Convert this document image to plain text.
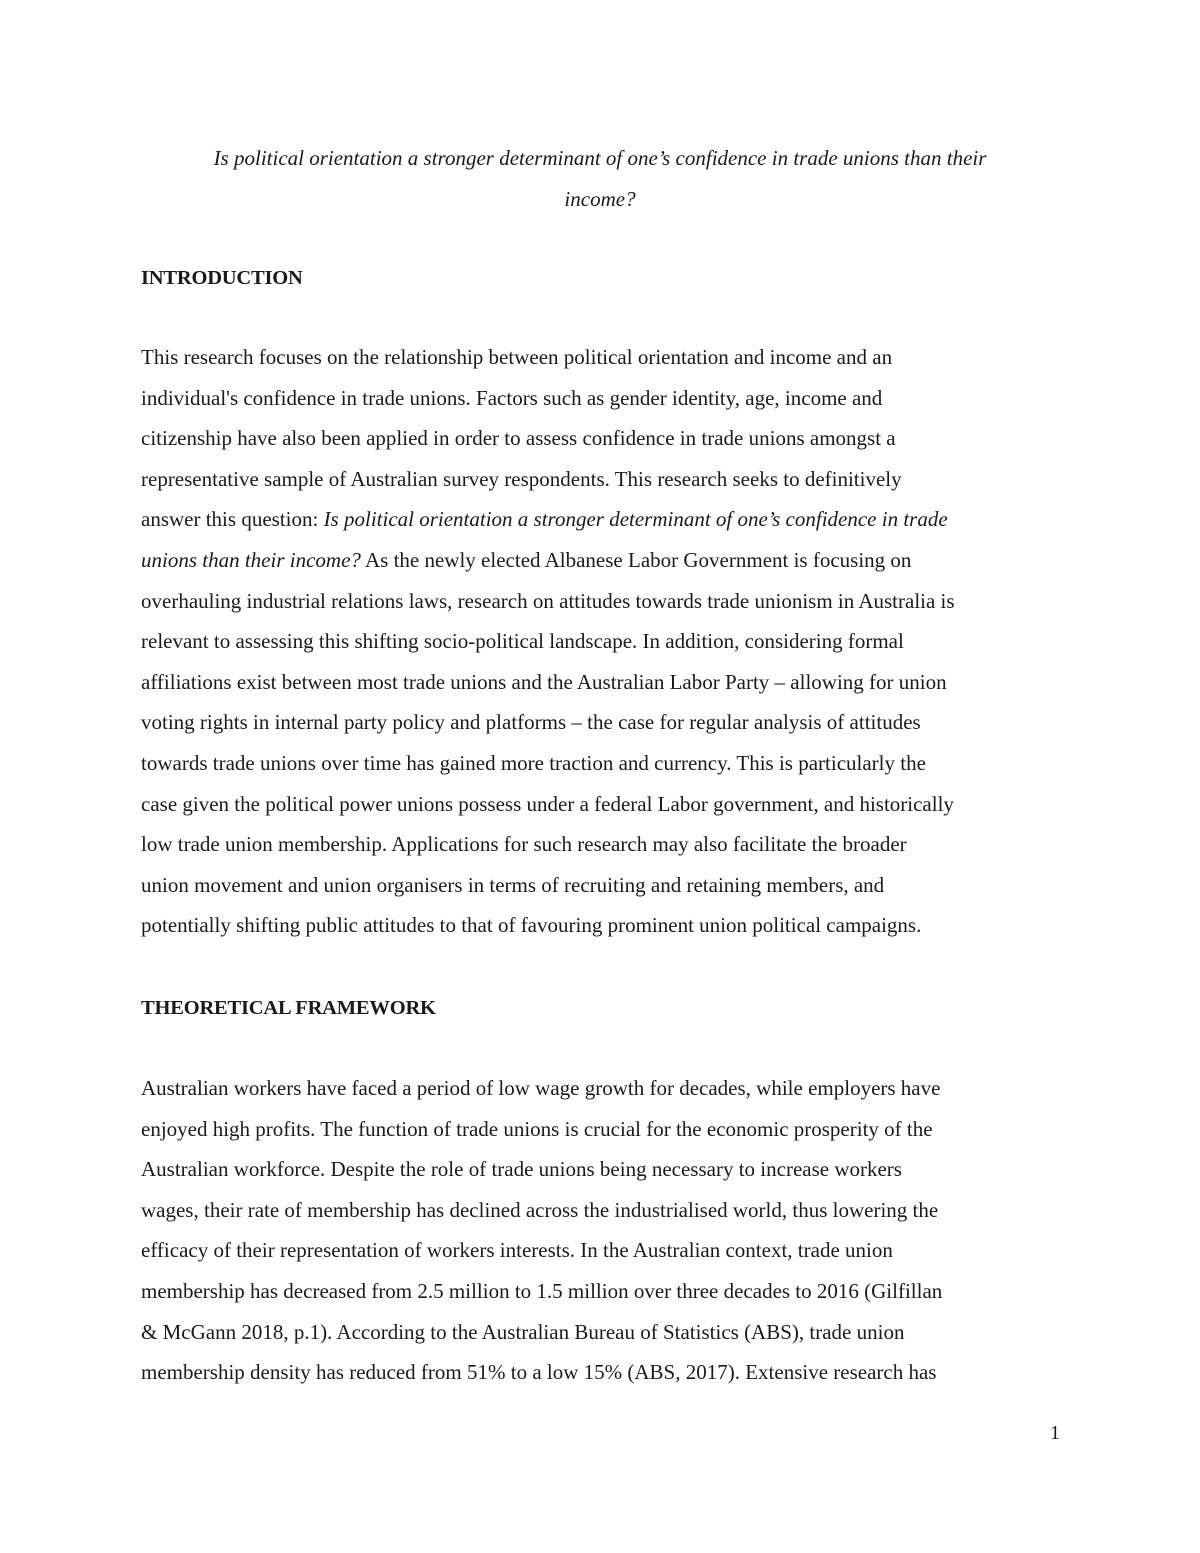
Is political orientation a stronger determinant of one’s confidence in trade unions than their
income?
INTRODUCTION

This research focuses on the relationship between political orientation and income and an
individual's confidence in trade unions. Factors such as gender identity, age, income and
citizenship have also been applied in order to assess confidence in trade unions amongst a
representative sample of Australian survey respondents. This research seeks to definitively
answer this question: Is political orientation a stronger determinant of one’s confidence in trade
unions than their income? As the newly elected Albanese Labor Government is focusing on
overhauling industrial relations laws, research on attitudes towards trade unionism in Australia is
relevant to assessing this shifting socio-political landscape. In addition, considering formal
affiliations exist between most trade unions and the Australian Labor Party – allowing for union
voting rights in internal party policy and platforms – the case for regular analysis of attitudes
towards trade unions over time has gained more traction and currency. This is particularly the
case given the political power unions possess under a federal Labor government, and historically
low trade union membership. Applications for such research may also facilitate the broader
union movement and union organisers in terms of recruiting and retaining members, and
potentially shifting public attitudes to that of favouring prominent union political campaigns.

THEORETICAL FRAMEWORK

Australian workers have faced a period of low wage growth for decades, while employers have
enjoyed high profits. The function of trade unions is crucial for the economic prosperity of the
Australian workforce. Despite the role of trade unions being necessary to increase workers
wages, their rate of membership has declined across the industrialised world, thus lowering the
efficacy of their representation of workers interests. In the Australian context, trade union
membership has decreased from 2.5 million to 1.5 million over three decades to 2016 (Gilfillan
& McGann 2018, p.1). According to the Australian Bureau of Statistics (ABS), trade union
membership density has reduced from 51% to a low 15% (ABS, 2017). Extensive research has

1
